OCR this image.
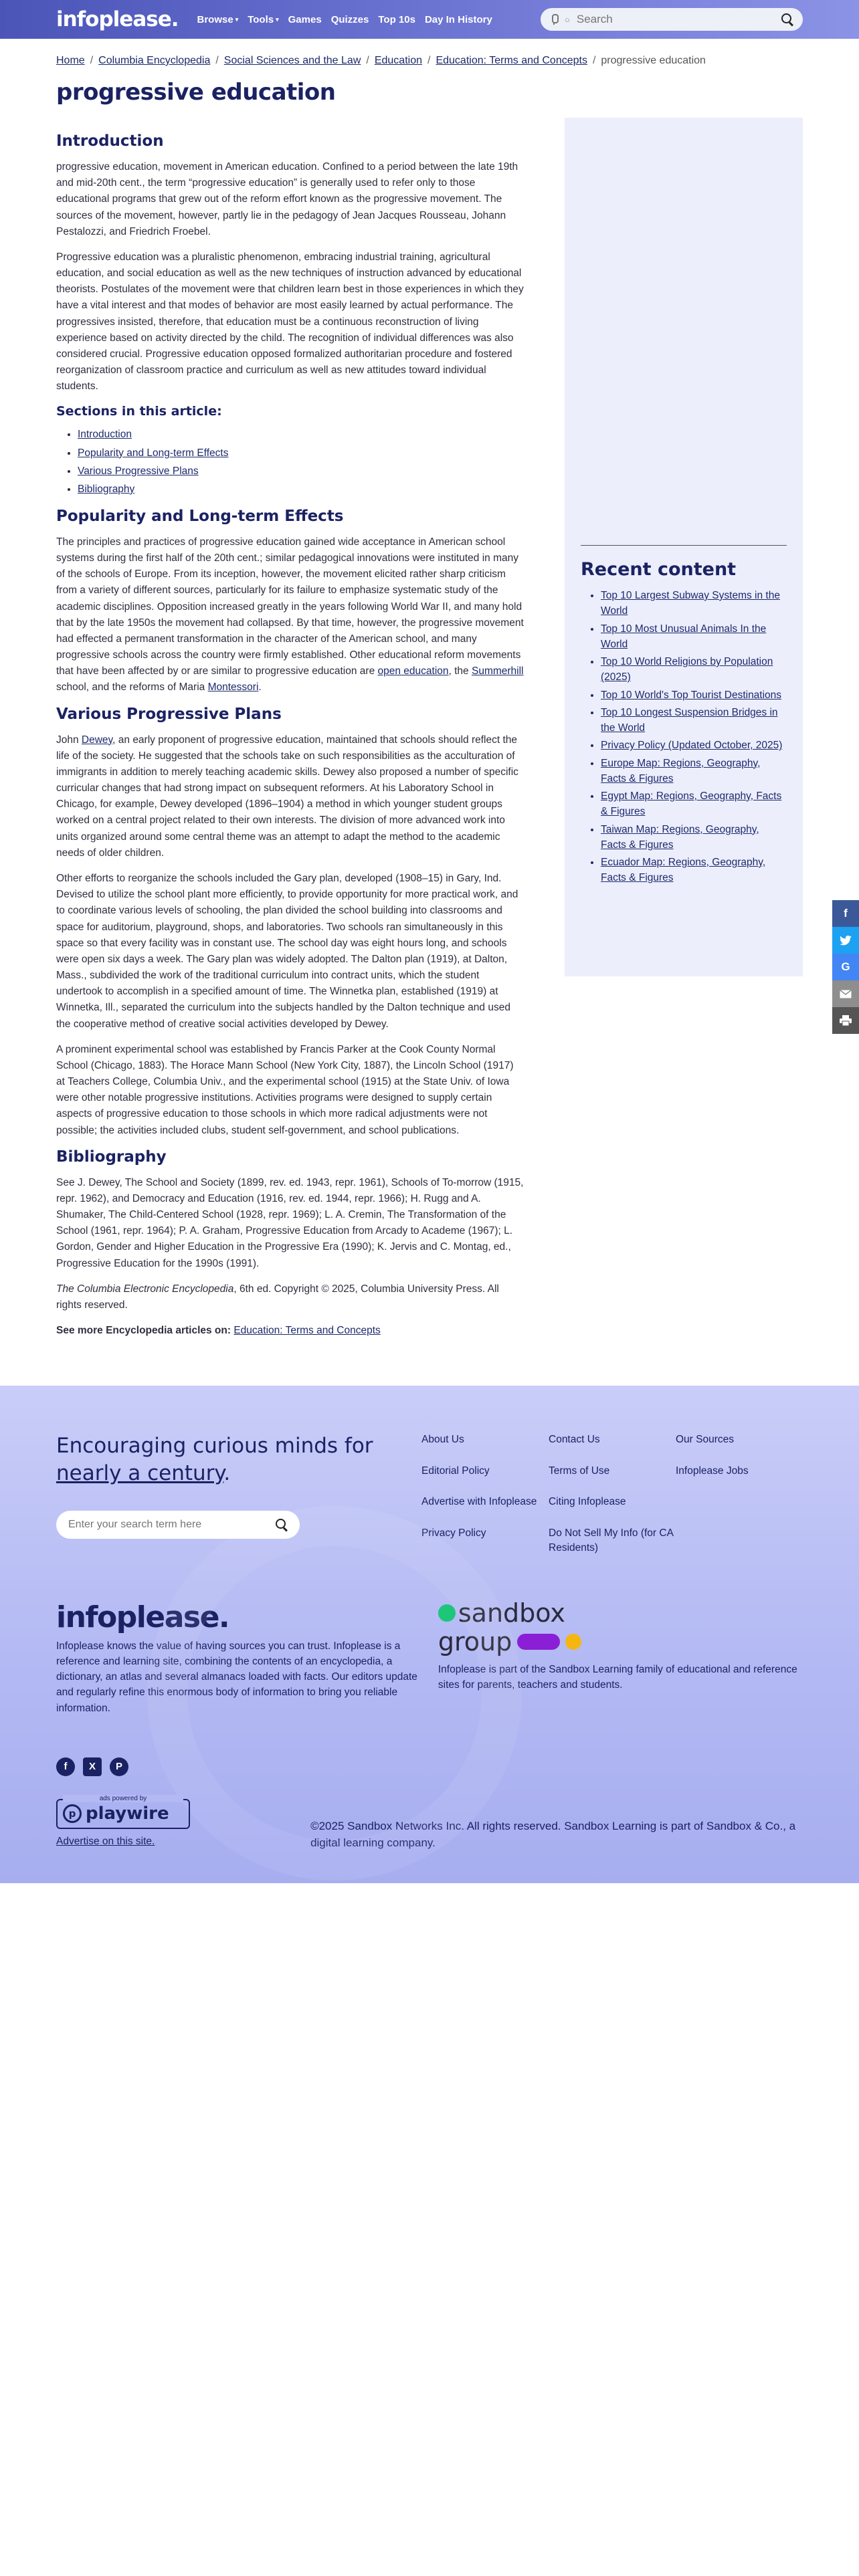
infoplease. Browse ▾ Tools ▾ Games Quizzes Top 10s Day In History	○
Search
Home / Columbia Encyclopedia / Social Sciences and the Law / Education / Education: Terms and Concepts / progressive education
progressive education
Introduction

progressive education, movement in American education. Confined to a period between the late 19th and mid-20th cent., the term “progressive education” is generally used to refer only to those educational programs that grew out of the reform effort known as the progressive movement. The sources of the movement, however, partly lie in the pedagogy of Jean Jacques Rousseau, Johann Pestalozzi, and Friedrich Froebel.

Progressive education was a pluralistic phenomenon, embracing industrial training, agricultural education, and social education as well as the new techniques of instruction advanced by educational theorists. Postulates of the movement were that children learn best in those experiences in which they have a vital interest and that modes of behavior are most easily learned by actual performance. The progressives insisted, therefore, that education must be a continuous reconstruction of living experience based on activity directed by the child. The recognition of individual differences was also considered crucial. Progressive education opposed formalized authoritarian procedure and fostered reorganization of classroom practice and curriculum as well as new attitudes toward individual students.

Sections in this article:
• Introduction
• Popularity and Long-term Effects
• Various Progressive Plans
• Bibliography
Popularity and Long-term Effects

The principles and practices of progressive education gained wide acceptance in American school systems during the first half of the 20th cent.; similar pedagogical innovations were instituted in many of the schools of Europe. From its inception, however, the movement elicited rather sharp criticism from a variety of different sources, particularly for its failure to emphasize systematic study of the academic disciplines. Opposition increased greatly in the years following World War II, and many hold that by the late 1950s the movement had collapsed. By that time, however, the progressive movement had effected a permanent transformation in the character of the American school, and many progressive schools across the country were firmly established. Other educational reform movements that have been affected by or are similar to progressive education are open education, the Summerhill school, and the reforms of Maria Montessori.

Various Progressive Plans

John Dewey, an early proponent of progressive education, maintained that schools should reflect the life of the society. He suggested that the schools take on such responsibilities as the acculturation of immigrants in addition to merely teaching academic skills. Dewey also proposed a number of specific curricular changes that had strong impact on subsequent reformers. At his Laboratory School in Chicago, for example, Dewey developed (1896–1904) a method in which younger student groups worked on a central project related to their own interests. The division of more advanced work into units organized around some central theme was an attempt to adapt the method to the academic needs of older children.

Other efforts to reorganize the schools included the Gary plan, developed (1908–15) in Gary, Ind. Devised to utilize the school plant more efficiently, to provide opportunity for more practical work, and to coordinate various levels of schooling, the plan divided the school building into classrooms and space for auditorium, playground, shops, and laboratories. Two schools ran simultaneously in this space so that every facility was in constant use. The school day was eight hours long, and schools were open six days a week. The Gary plan was widely adopted. The Dalton plan (1919), at Dalton, Mass., subdivided the work of the traditional curriculum into contract units, which the student undertook to accomplish in a specified amount of time. The Winnetka plan, established (1919) at Winnetka, Ill., separated the curriculum into the subjects handled by the Dalton technique and used the cooperative method of creative social activities developed by Dewey.

A prominent experimental school was established by Francis Parker at the Cook County Normal School (Chicago, 1883). The Horace Mann School (New York City, 1887), the Lincoln School (1917) at Teachers College, Columbia Univ., and the experimental school (1915) at the State Univ. of Iowa were other notable progressive institutions. Activities programs were designed to supply certain aspects of progressive education to those schools in which more radical adjustments were not possible; the activities included clubs, student self-government, and school publications.

Bibliography

See J. Dewey, The School and Society (1899, rev. ed. 1943, repr. 1961), Schools of To-morrow (1915, repr. 1962), and Democracy and Education (1916, rev. ed. 1944, repr. 1966); H. Rugg and A. Shumaker, The Child-Centered School (1928, repr. 1969); L. A. Cremin, The Transformation of the School (1961, repr. 1964); P. A. Graham, Progressive Education from Arcady to Academe (1967); L. Gordon, Gender and Higher Education in the Progressive Era (1990); K. Jervis and C. Montag, ed., Progressive Education for the 1990s (1991).

The Columbia Electronic Encyclopedia, 6th ed. Copyright © 2025, Columbia University Press. All rights reserved.

See more Encyclopedia articles on: Education: Terms and Concepts

Recent content
• Top 10 Largest Subway Systems in the World
• Top 10 Most Unusual Animals In the World
• Top 10 World Religions by Population (2025)
• Top 10 World's Top Tourist Destinations
• Top 10 Longest Suspension Bridges in the World
• Privacy Policy (Updated October, 2025)
• Europe Map: Regions, Geography, Facts & Figures
• Egypt Map: Regions, Geography, Facts & Figures
• Taiwan Map: Regions, Geography, Facts & Figures
• Ecuador Map: Regions, Geography, Facts & Figures
f
G
Encouraging curious minds for
nearly a century.
Enter your search term here
About Us	Contact Us	Our Sources
Editorial Policy	Terms of Use	Infoplease Jobs
Advertise with Infoplease	Citing Infoplease
Privacy Policy	Do Not Sell My Info (for CA Residents)
infoplease.

Infoplease knows the value of having sources you can trust. Infoplease is a reference and learning site, combining the contents of an encyclopedia, a dictionary, an atlas and several almanacs loaded with facts. Our editors update and regularly refine this enormous body of information to bring you reliable information.

sandbox
group

Infoplease is part of the Sandbox Learning family of educational and reference sites for parents, teachers and students.

f	X	P
ads powered by
p playwire
Advertise on this site.

©2025 Sandbox Networks Inc. All rights reserved. Sandbox Learning is part of Sandbox & Co., a digital learning company.
